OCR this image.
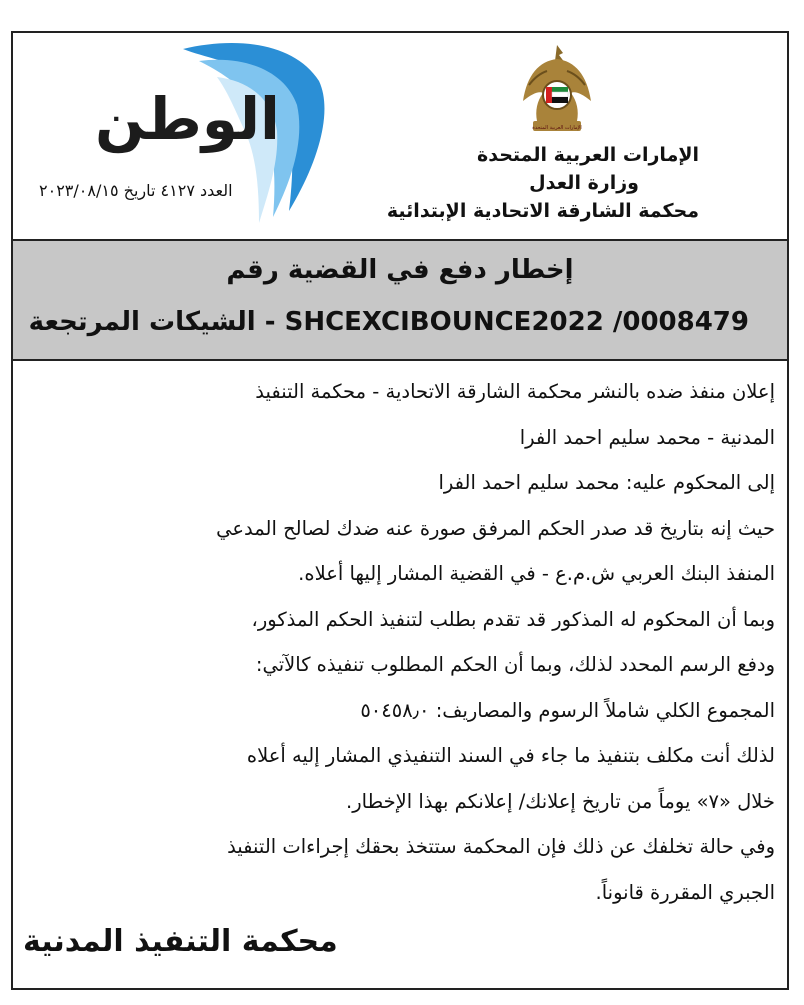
الإمارات العربية المتحدة
الإمارات العربية المتحدة
وزارة العدل
محكمة الشارقة الاتحادية الإبتدائية
الوطن
العدد ٤١٢٧ تاريخ ٢٠٢٣/٠٨/١٥
إخطار دفع في القضية رقم
SHCEXCIBOUNCE2022 /0008479 - الشيكات المرتجعة

إعلان منفذ ضده بالنشر محكمة الشارقة الاتحادية - محكمة التنفيذ

المدنية - محمد سليم احمد الفرا

إلى المحكوم عليه: محمد سليم احمد الفرا

حيث إنه بتاريخ قد صدر الحكم المرفق صورة عنه ضدك لصالح المدعي

المنفذ البنك العربي ش.م.ع - في القضية المشار إليها أعلاه.

وبما أن المحكوم له المذكور قد تقدم بطلب لتنفيذ الحكم المذكور،

ودفع الرسم المحدد لذلك، وبما أن الحكم المطلوب تنفيذه كالآتي:

المجموع الكلي شاملاً الرسوم والمصاريف: ٥٠٤٥٨٫٠

لذلك أنت مكلف بتنفيذ ما جاء في السند التنفيذي المشار إليه أعلاه

خلال «٧» يوماً من تاريخ إعلانك/ إعلانكم بهذا الإخطار.

وفي حالة تخلفك عن ذلك فإن المحكمة ستتخذ بحقك إجراءات التنفيذ

الجبري المقررة قانوناً.

محكمة التنفيذ المدنية
